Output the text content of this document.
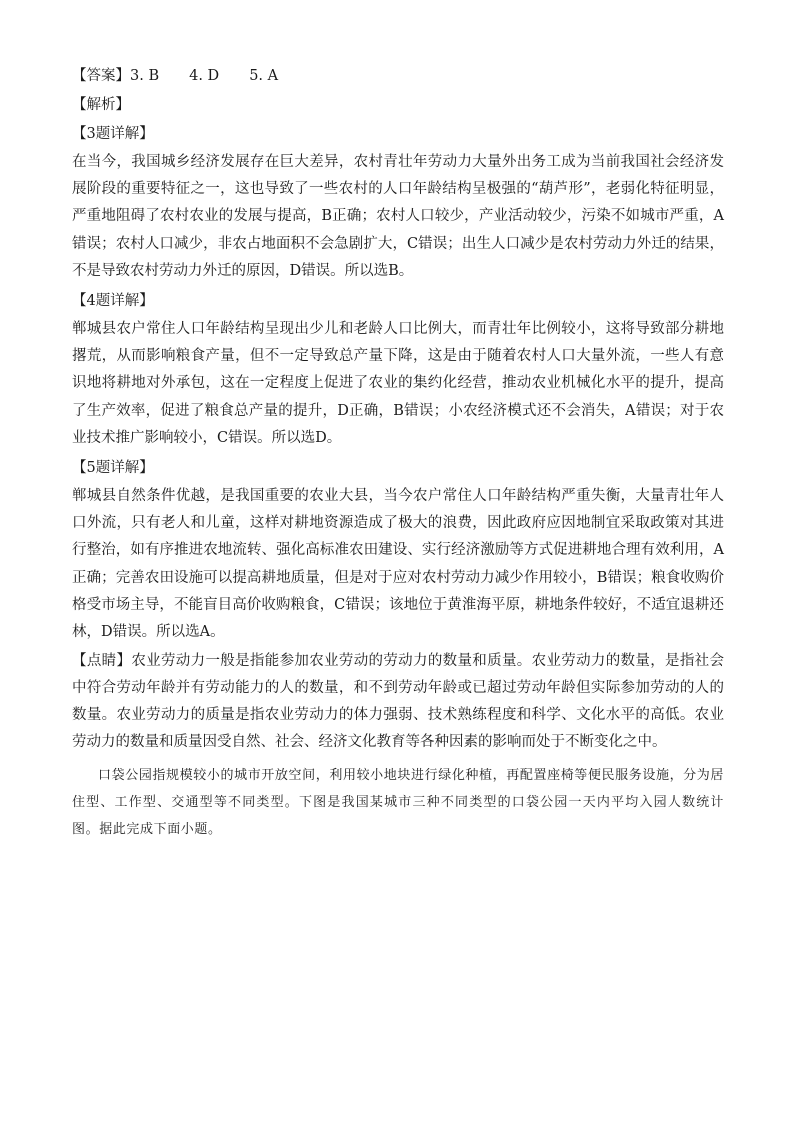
【答案】3. B 4. D 5. A
【解析】
【3题详解】

在当今，我国城乡经济发展存在巨大差异，农村青壮年劳动力大量外出务工成为当前我国社会经济发展阶段的重要特征之一，这也导致了一些农村的人口年龄结构呈极强的“葫芦形”，老弱化特征明显，严重地阻碍了农村农业的发展与提高，B正确；农村人口较少，产业活动较少，污染不如城市严重，A错误；农村人口减少，非农占地面积不会急剧扩大，C错误；出生人口减少是农村劳动力外迁的结果，不是导致农村劳动力外迁的原因，D错误。所以选B。

【4题详解】

郸城县农户常住人口年龄结构呈现出少儿和老龄人口比例大，而青壮年比例较小，这将导致部分耕地撂荒，从而影响粮食产量，但不一定导致总产量下降，这是由于随着农村人口大量外流，一些人有意识地将耕地对外承包，这在一定程度上促进了农业的集约化经营，推动农业机械化水平的提升，提高了生产效率，促进了粮食总产量的提升，D正确，B错误；小农经济模式还不会消失，A错误；对于农业技术推广影响较小，C错误。所以选D。

【5题详解】

郸城县自然条件优越，是我国重要的农业大县，当今农户常住人口年龄结构严重失衡，大量青壮年人口外流，只有老人和儿童，这样对耕地资源造成了极大的浪费，因此政府应因地制宜采取政策对其进行整治，如有序推进农地流转、强化高标准农田建设、实行经济激励等方式促进耕地合理有效利用，A正确；完善农田设施可以提高耕地质量，但是对于应对农村劳动力减少作用较小，B错误；粮食收购价格受市场主导，不能盲目高价收购粮食，C错误；该地位于黄淮海平原，耕地条件较好，不适宜退耕还林，D错误。所以选A。

【点睛】农业劳动力一般是指能参加农业劳动的劳动力的数量和质量。农业劳动力的数量，是指社会中符合劳动年龄并有劳动能力的人的数量，和不到劳动年龄或已超过劳动年龄但实际参加劳动的人的数量。农业劳动力的质量是指农业劳动力的体力强弱、技术熟练程度和科学、文化水平的高低。农业劳动力的数量和质量因受自然、社会、经济文化教育等各种因素的影响而处于不断变化之中。
口袋公园指规模较小的城市开放空间，利用较小地块进行绿化种植，再配置座椅等便民服务设施，分为居住型、工作型、交通型等不同类型。下图是我国某城市三种不同类型的口袋公园一天内平均入园人数统计图。据此完成下面小题。
